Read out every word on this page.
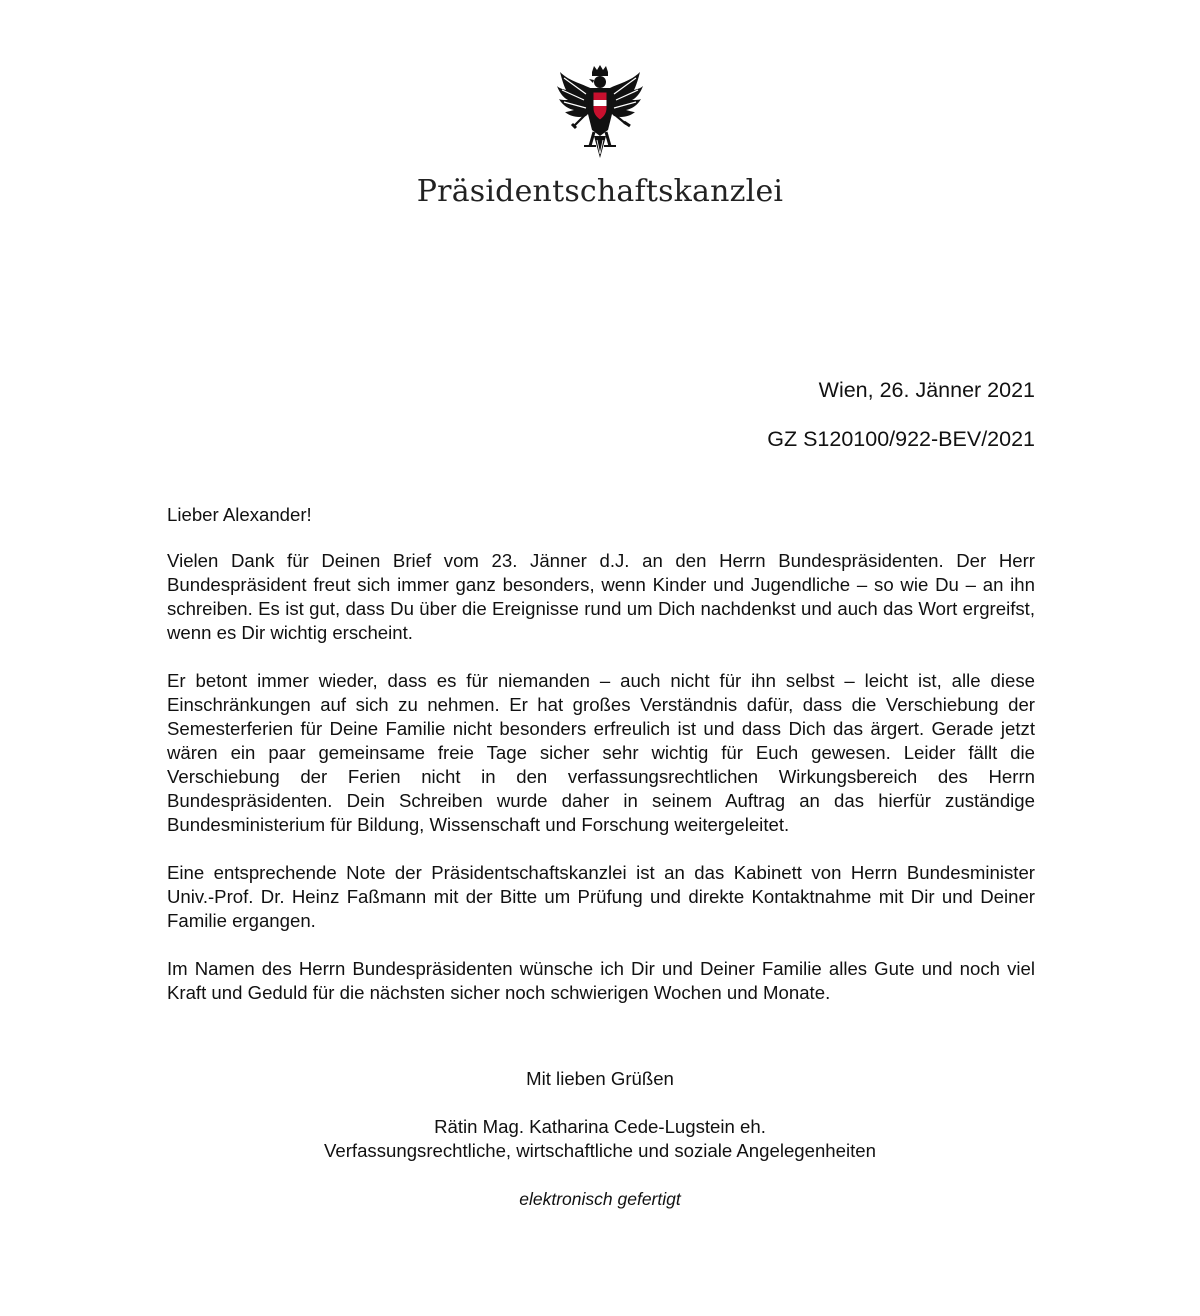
Präsidentschaftskanzlei
Wien, 26. Jänner 2021
GZ S120100/922-BEV/2021

Lieber Alexander!

Vielen Dank für Deinen Brief vom 23. Jänner d.J. an den Herrn Bundespräsidenten. Der Herr Bundespräsident freut sich immer ganz besonders, wenn Kinder und Jugendliche – so wie Du – an ihn schreiben. Es ist gut, dass Du über die Ereignisse rund um Dich nachdenkst und auch das Wort ergreifst, wenn es Dir wichtig erscheint.

Er betont immer wieder, dass es für niemanden – auch nicht für ihn selbst – leicht ist, alle diese Einschränkungen auf sich zu nehmen. Er hat großes Verständnis dafür, dass die Verschiebung der Semesterferien für Deine Familie nicht besonders erfreulich ist und dass Dich das ärgert. Gerade jetzt wären ein paar gemeinsame freie Tage sicher sehr wichtig für Euch gewesen. Leider fällt die Verschiebung der Ferien nicht in den verfassungsrechtlichen Wirkungsbereich des Herrn Bundespräsidenten. Dein Schreiben wurde daher in seinem Auftrag an das hierfür zuständige Bundesministerium für Bildung, Wissenschaft und Forschung weitergeleitet.

Eine entsprechende Note der Präsidentschaftskanzlei ist an das Kabinett von Herrn Bundesminister Univ.-Prof. Dr. Heinz Faßmann mit der Bitte um Prüfung und direkte Kontaktnahme mit Dir und Deiner Familie ergangen.

Im Namen des Herrn Bundespräsidenten wünsche ich Dir und Deiner Familie alles Gute und noch viel Kraft und Geduld für die nächsten sicher noch schwierigen Wochen und Monate.

Mit lieben Grüßen
Rätin Mag. Katharina Cede-Lugstein eh.
Verfassungsrechtliche, wirtschaftliche und soziale Angelegenheiten
elektronisch gefertigt
